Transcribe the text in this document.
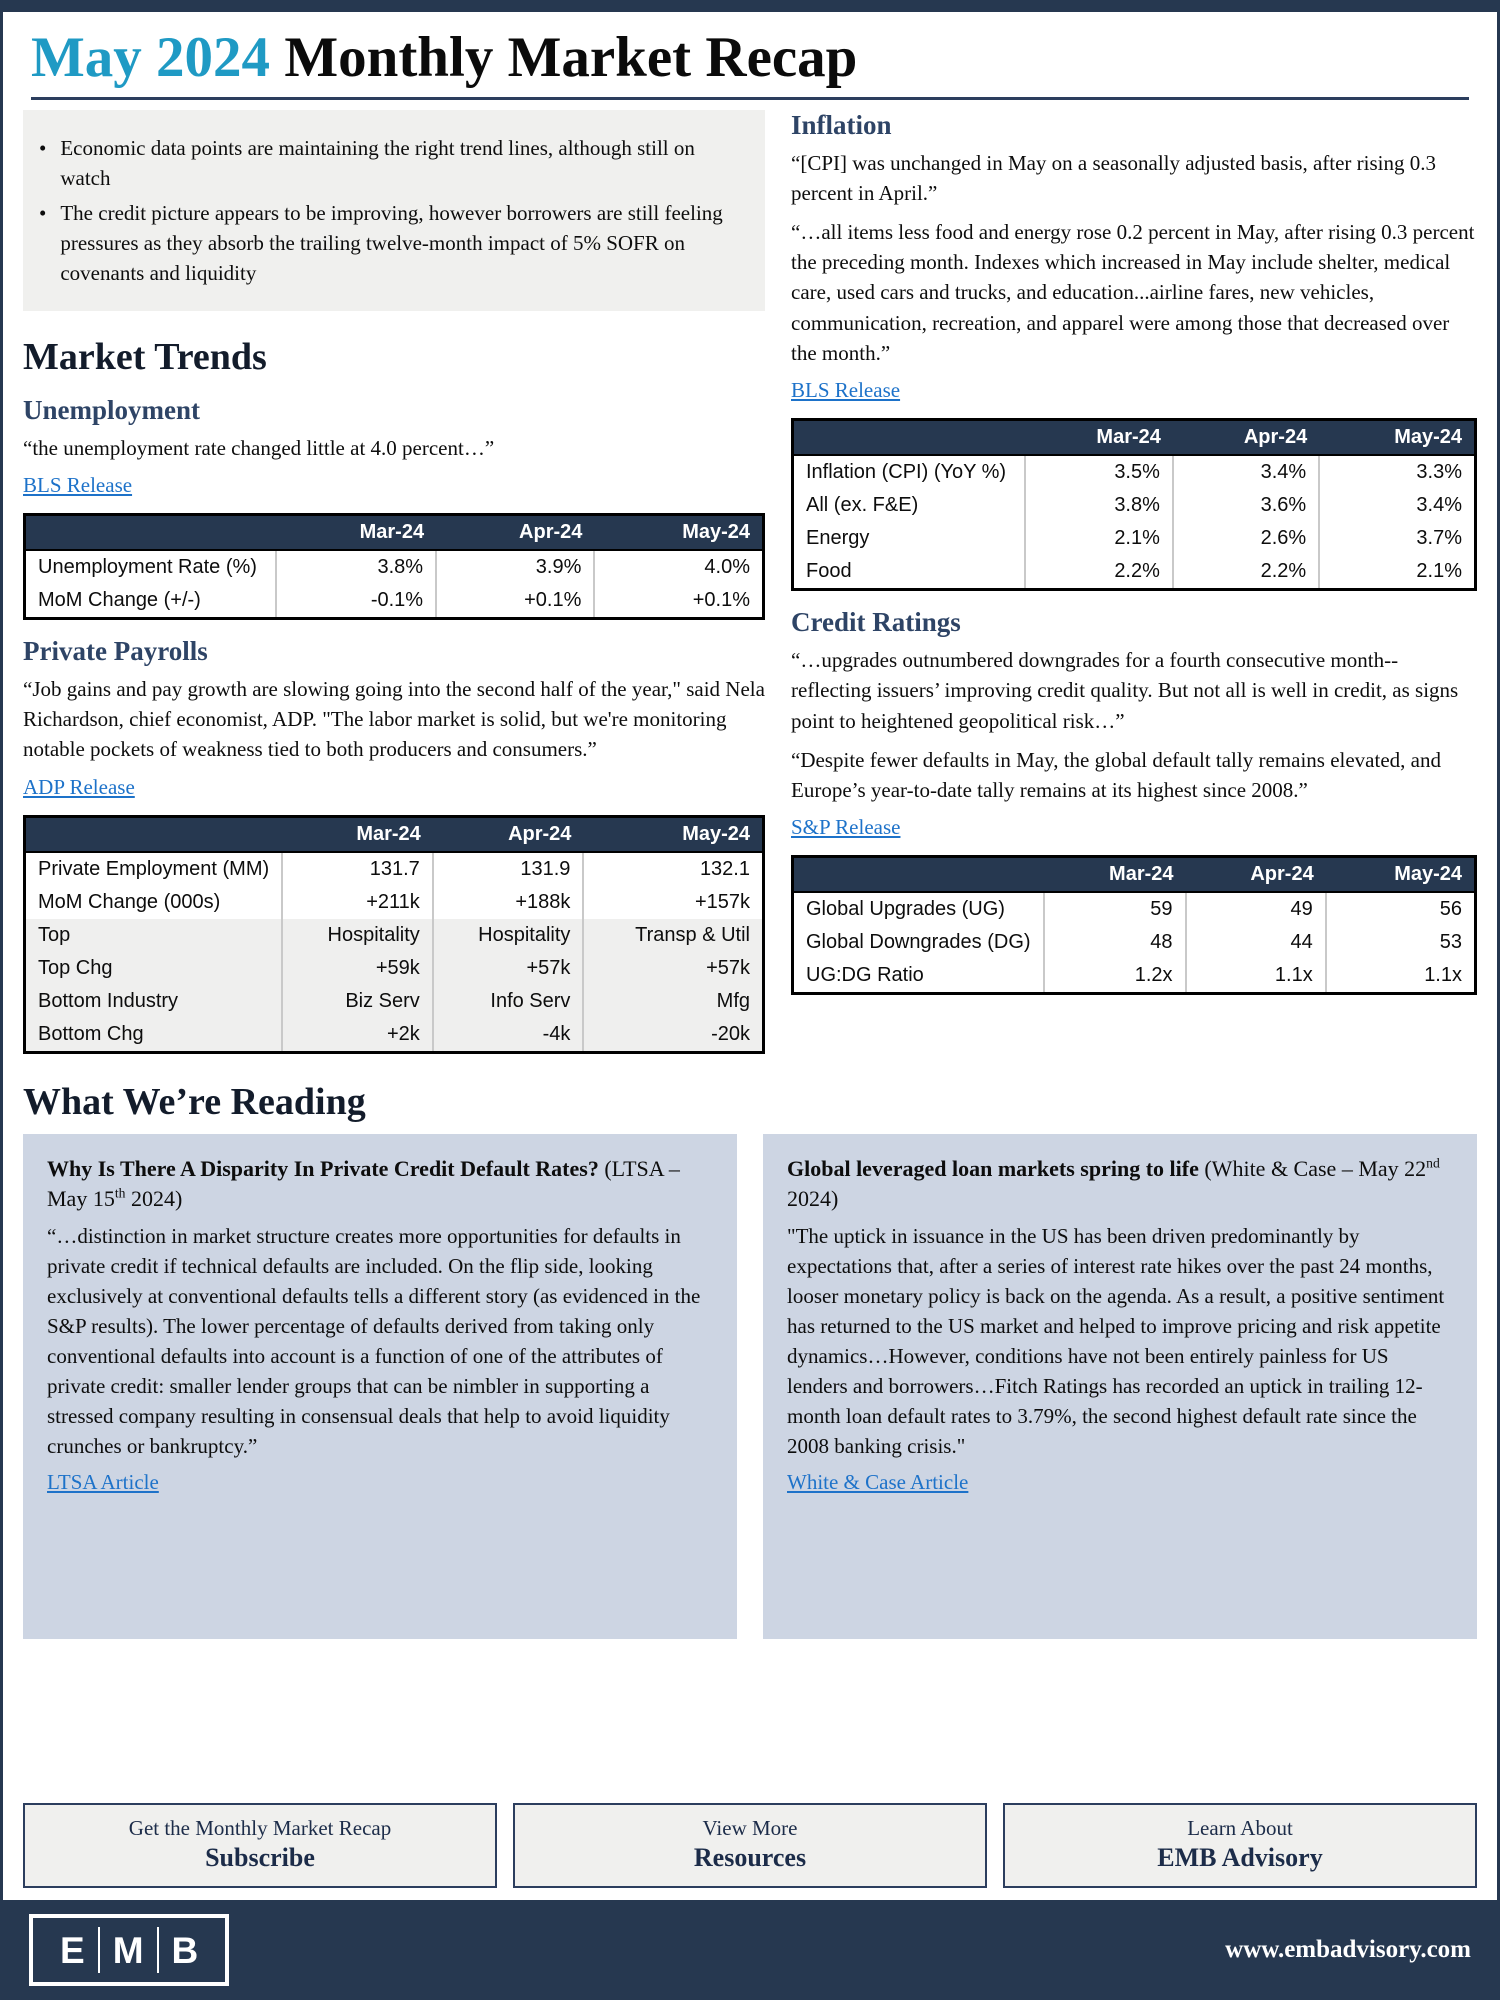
May 2024 Monthly Market Recap
• Economic data points are maintaining the right trend lines, although still on watch
• The credit picture appears to be improving, however borrowers are still feeling pressures as they absorb the trailing twelve-month impact of 5% SOFR on covenants and liquidity
Market Trends
Unemployment

“the unemployment rate changed little at 4.0 percent…”

BLS Release
	Mar-24	Apr-24	May-24
Unemployment Rate (%)	3.8%	3.9%	4.0%
MoM Change (+/-)	-0.1%	+0.1%	+0.1%
Private Payrolls

“Job gains and pay growth are slowing going into the second half of the year," said Nela Richardson, chief economist, ADP. "The labor market is solid, but we're monitoring notable pockets of weakness tied to both producers and consumers.”

ADP Release
	Mar-24	Apr-24	May-24
Private Employment (MM)	131.7	131.9	132.1
MoM Change (000s)	+211k	+188k	+157k
Top	Hospitality	Hospitality	Transp & Util
Top Chg	+59k	+57k	+57k
Bottom Industry	Biz Serv	Info Serv	Mfg
Bottom Chg	+2k	-4k	-20k
Inflation

“[CPI] was unchanged in May on a seasonally adjusted basis, after rising 0.3 percent in April.”

“…all items less food and energy rose 0.2 percent in May, after rising 0.3 percent the preceding month. Indexes which increased in May include shelter, medical care, used cars and trucks, and education...airline fares, new vehicles, communication, recreation, and apparel were among those that decreased over the month.”

BLS Release
	Mar-24	Apr-24	May-24
Inflation (CPI) (YoY %)	3.5%	3.4%	3.3%
All (ex. F&E)	3.8%	3.6%	3.4%
Energy	2.1%	2.6%	3.7%
Food	2.2%	2.2%	2.1%
Credit Ratings

“…upgrades outnumbered downgrades for a fourth consecutive month--reflecting issuers’ improving credit quality. But not all is well in credit, as signs point to heightened geopolitical risk…”

“Despite fewer defaults in May, the global default tally remains elevated, and Europe’s year-to-date tally remains at its highest since 2008.”

S&P Release
	Mar-24	Apr-24	May-24
Global Upgrades (UG)	59	49	56
Global Downgrades (DG)	48	44	53
UG:DG Ratio	1.2x	1.1x	1.1x
What We’re Reading

Why Is There A Disparity In Private Credit Default Rates? (LTSA – May 15th 2024)

“…distinction in market structure creates more opportunities for defaults in private credit if technical defaults are included. On the flip side, looking exclusively at conventional defaults tells a different story (as evidenced in the S&P results). The lower percentage of defaults derived from taking only conventional defaults into account is a function of one of the attributes of private credit: smaller lender groups that can be nimbler in supporting a stressed company resulting in consensual deals that help to avoid liquidity crunches or bankruptcy.”

LTSA Article

Global leveraged loan markets spring to life (White & Case – May 22nd 2024)

"The uptick in issuance in the US has been driven predominantly by expectations that, after a series of interest rate hikes over the past 24 months, looser monetary policy is back on the agenda. As a result, a positive sentiment has returned to the US market and helped to improve pricing and risk appetite dynamics…However, conditions have not been entirely painless for US lenders and borrowers…Fitch Ratings has recorded an uptick in trailing 12-month loan default rates to 3.79%, the second highest default rate since the 2008 banking crisis."

White & Case Article
Get the Monthly Market Recap
Subscribe
View More
Resources
Learn About
EMB Advisory
E M B	www.embadvisory.com
